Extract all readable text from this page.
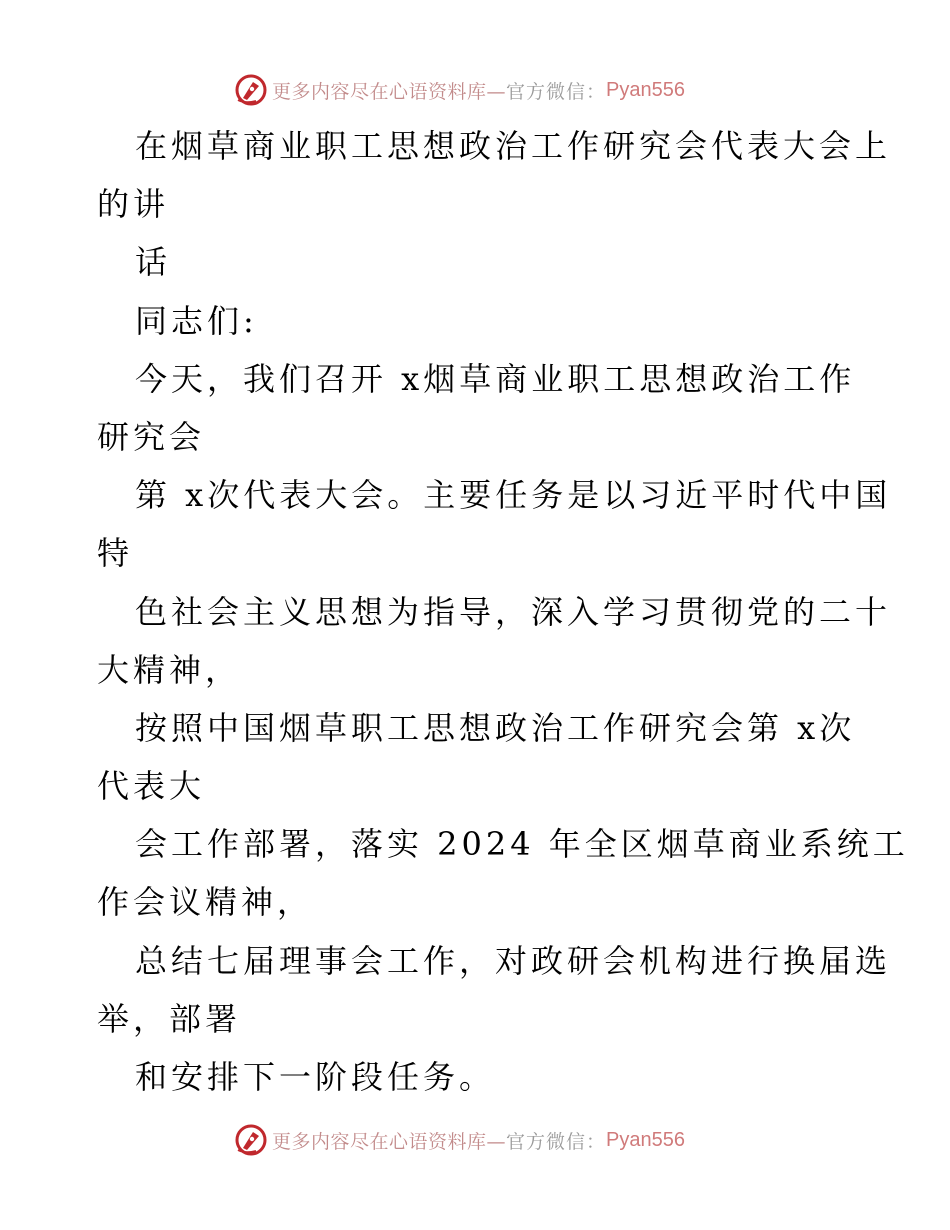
更多内容尽在心语资料库— 官方微信： Pyan556
在烟草商业职工思想政治工作研究会代表大会上
的讲
话
同志们:
今天，我们召开 x烟草商业职工思想政治工作
研究会
第 x次代表大会。主要任务是以习近平时代中国
特
色社会主义思想为指导，深入学习贯彻党的二十
大精神，
按照中国烟草职工思想政治工作研究会第 x次
代表大
会工作部署，落实 2024 年全区烟草商业系统工
作会议精神，
总结七届理事会工作，对政研会机构进行换届选
举，部署
和安排下一阶段任务。
更多内容尽在心语资料库— 官方微信： Pyan556
